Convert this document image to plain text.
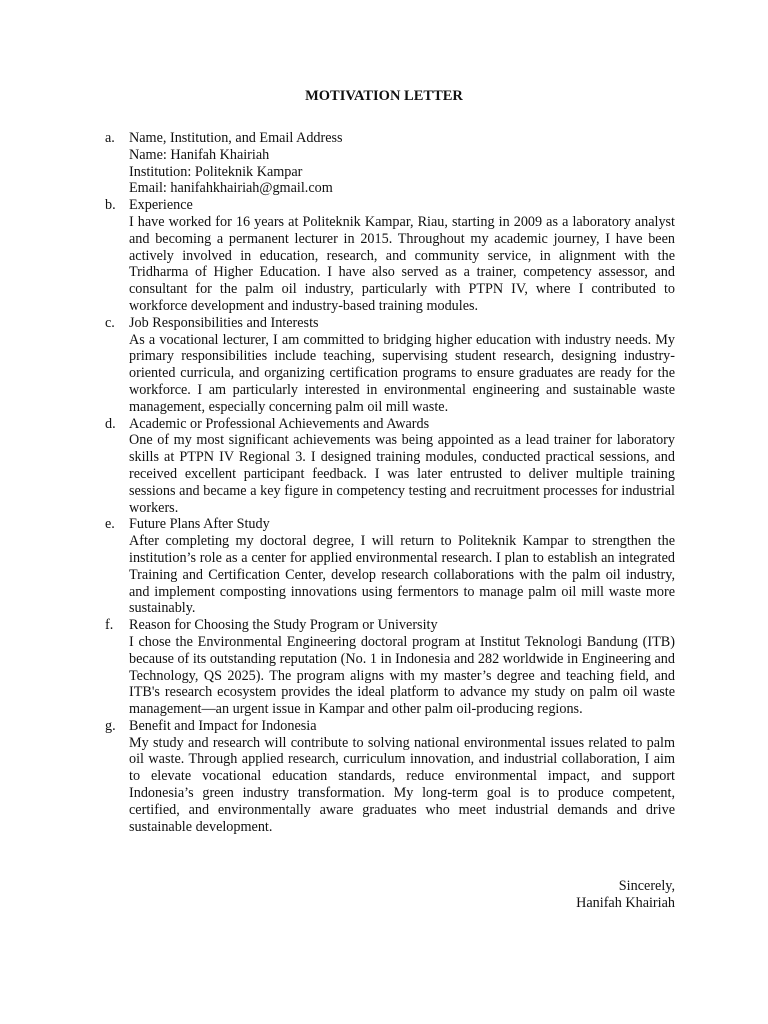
MOTIVATION LETTER
a. Name, Institution, and Email Address
Name: Hanifah Khairiah
Institution: Politeknik Kampar
Email: hanifahkhairiah@gmail.com
b. Experience
I have worked for 16 years at Politeknik Kampar, Riau, starting in 2009 as a laboratory analyst and becoming a permanent lecturer in 2015. Throughout my academic journey, I have been actively involved in education, research, and community service, in alignment with the Tridharma of Higher Education. I have also served as a trainer, competency assessor, and consultant for the palm oil industry, particularly with PTPN IV, where I contributed to workforce development and industry-based training modules.
c. Job Responsibilities and Interests
As a vocational lecturer, I am committed to bridging higher education with industry needs. My primary responsibilities include teaching, supervising student research, designing industry-oriented curricula, and organizing certification programs to ensure graduates are ready for the workforce. I am particularly interested in environmental engineering and sustainable waste management, especially concerning palm oil mill waste.
d. Academic or Professional Achievements and Awards
One of my most significant achievements was being appointed as a lead trainer for laboratory skills at PTPN IV Regional 3. I designed training modules, conducted practical sessions, and received excellent participant feedback. I was later entrusted to deliver multiple training sessions and became a key figure in competency testing and recruitment processes for industrial workers.
e. Future Plans After Study
After completing my doctoral degree, I will return to Politeknik Kampar to strengthen the institution’s role as a center for applied environmental research. I plan to establish an integrated Training and Certification Center, develop research collaborations with the palm oil industry, and implement composting innovations using fermentors to manage palm oil mill waste more sustainably.
f. Reason for Choosing the Study Program or University
I chose the Environmental Engineering doctoral program at Institut Teknologi Bandung (ITB) because of its outstanding reputation (No. 1 in Indonesia and 282 worldwide in Engineering and Technology, QS 2025). The program aligns with my master’s degree and teaching field, and ITB's research ecosystem provides the ideal platform to advance my study on palm oil waste management—an urgent issue in Kampar and other palm oil-producing regions.
g. Benefit and Impact for Indonesia
My study and research will contribute to solving national environmental issues related to palm oil waste. Through applied research, curriculum innovation, and industrial collaboration, I aim to elevate vocational education standards, reduce environmental impact, and support Indonesia’s green industry transformation. My long-term goal is to produce competent, certified, and environmentally aware graduates who meet industrial demands and drive sustainable development.
Sincerely,
Hanifah Khairiah
